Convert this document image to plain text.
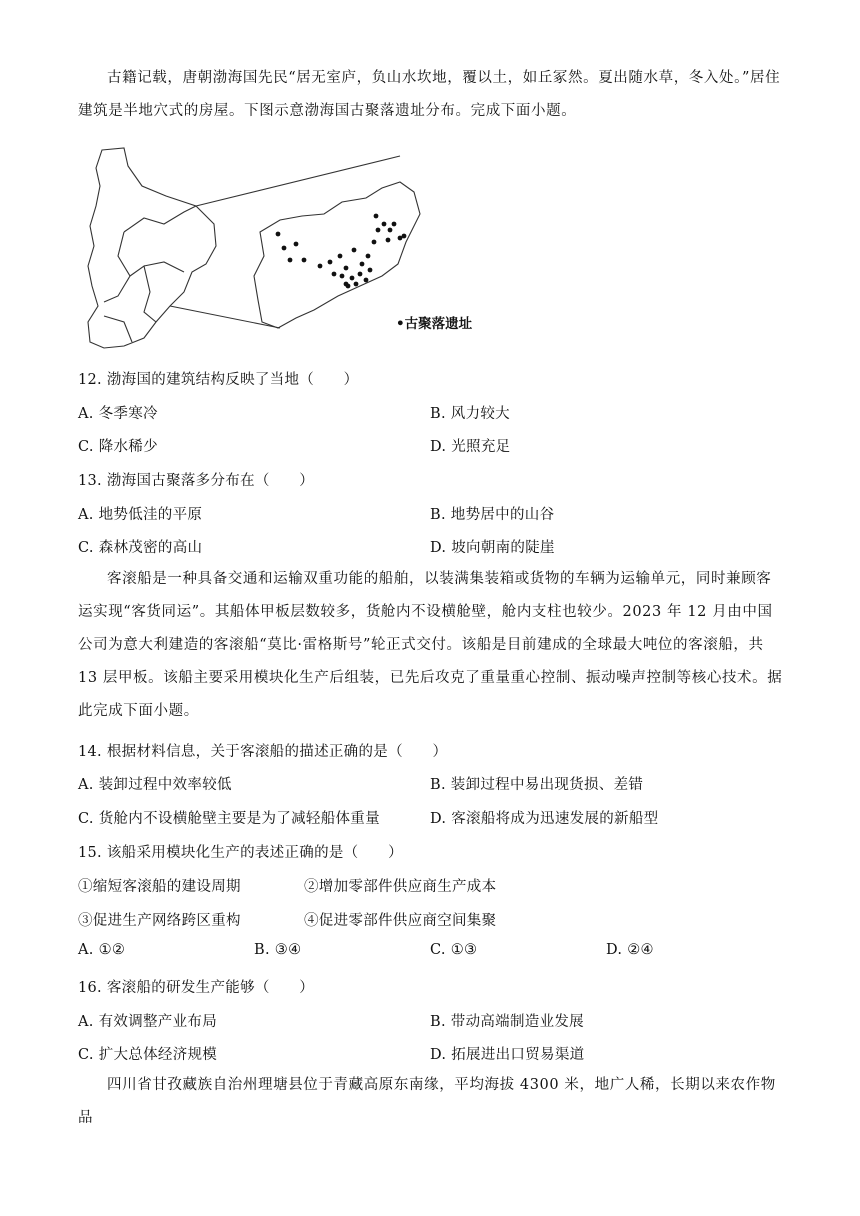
古籍记载，唐朝渤海国先民“居无室庐，负山水坎地，覆以土，如丘冢然。夏出随水草，冬入处。”居住建筑是半地穴式的房屋。下图示意渤海国古聚落遗址分布。完成下面小题。

•古聚落遗址
12. 渤海国的建筑结构反映了当地（　　）
A. 冬季寒冷	B. 风力较大
C. 降水稀少	D. 光照充足
13. 渤海国古聚落多分布在（　　）
A. 地势低洼的平原	B. 地势居中的山谷
C. 森林茂密的高山	D. 坡向朝南的陡崖

客滚船是一种具备交通和运输双重功能的船舶，以装满集装箱或货物的车辆为运输单元，同时兼顾客运实现“客货同运”。其船体甲板层数较多，货舱内不设横舱壁，舱内支柱也较少。2023 年 12 月由中国公司为意大利建造的客滚船“莫比·雷格斯号”轮正式交付。该船是目前建成的全球最大吨位的客滚船，共 13 层甲板。该船主要采用模块化生产后组装，已先后攻克了重量重心控制、振动噪声控制等核心技术。据此完成下面小题。

14. 根据材料信息，关于客滚船的描述正确的是（　　）
A. 装卸过程中效率较低	B. 装卸过程中易出现货损、差错
C. 货舱内不设横舱壁主要是为了减轻船体重量	D. 客滚船将成为迅速发展的新船型
15. 该船采用模块化生产的表述正确的是（　　）
①缩短客滚船的建设周期	②增加零部件供应商生产成本
③促进生产网络跨区重构	④促进零部件供应商空间集聚
A. ①②	B. ③④	C. ①③	D. ②④
16. 客滚船的研发生产能够（　　）
A. 有效调整产业布局	B. 带动高端制造业发展
C. 扩大总体经济规模	D. 拓展进出口贸易渠道

四川省甘孜藏族自治州理塘县位于青藏高原东南缘，平均海拔 4300 米，地广人稀，长期以来农作物品
